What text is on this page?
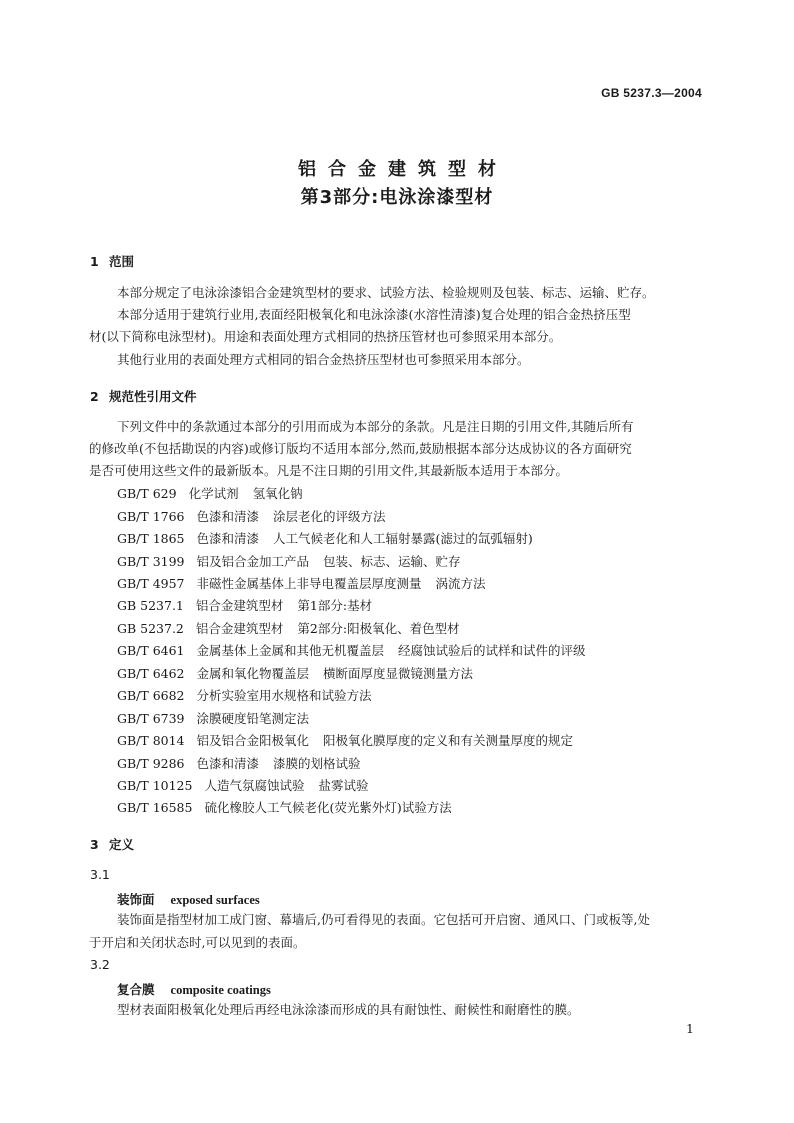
GB 5237.3—2004
铝合金建筑型材
第3部分:电泳涂漆型材
1 范围
本部分规定了电泳涂漆铝合金建筑型材的要求、试验方法、检验规则及包装、标志、运输、贮存。
本部分适用于建筑行业用,表面经阳极氧化和电泳涂漆(水溶性清漆)复合处理的铝合金热挤压型
材(以下简称电泳型材)。用途和表面处理方式相同的热挤压管材也可参照采用本部分。
其他行业用的表面处理方式相同的铝合金热挤压型材也可参照采用本部分。
2 规范性引用文件
下列文件中的条款通过本部分的引用而成为本部分的条款。凡是注日期的引用文件,其随后所有
的修改单(不包括勘误的内容)或修订版均不适用本部分,然而,鼓励根据本部分达成协议的各方面研究
是否可使用这些文件的最新版本。凡是不注日期的引用文件,其最新版本适用于本部分。
GB/T 629 化学试剂 氢氧化钠
GB/T 1766 色漆和清漆 涂层老化的评级方法
GB/T 1865 色漆和清漆 人工气候老化和人工辐射暴露(滤过的氙弧辐射)
GB/T 3199 铝及铝合金加工产品 包装、标志、运输、贮存
GB/T 4957 非磁性金属基体上非导电覆盖层厚度测量 涡流方法
GB 5237.1 铝合金建筑型材 第1部分:基材
GB 5237.2 铝合金建筑型材 第2部分:阳极氧化、着色型材
GB/T 6461 金属基体上金属和其他无机覆盖层 经腐蚀试验后的试样和试件的评级
GB/T 6462 金属和氧化物覆盖层 横断面厚度显微镜测量方法
GB/T 6682 分析实验室用水规格和试验方法
GB/T 6739 涂膜硬度铅笔测定法
GB/T 8014 铝及铝合金阳极氧化 阳极氧化膜厚度的定义和有关测量厚度的规定
GB/T 9286 色漆和清漆 漆膜的划格试验
GB/T 10125 人造气氛腐蚀试验 盐雾试验
GB/T 16585 硫化橡胶人工气候老化(荧光紫外灯)试验方法
3 定义
3.1
装饰面 exposed surfaces
装饰面是指型材加工成门窗、幕墙后,仍可看得见的表面。它包括可开启窗、通风口、门或板等,处
于开启和关闭状态时,可以见到的表面。
3.2
复合膜 composite coatings
型材表面阳极氧化处理后再经电泳涂漆而形成的具有耐蚀性、耐候性和耐磨性的膜。
1
